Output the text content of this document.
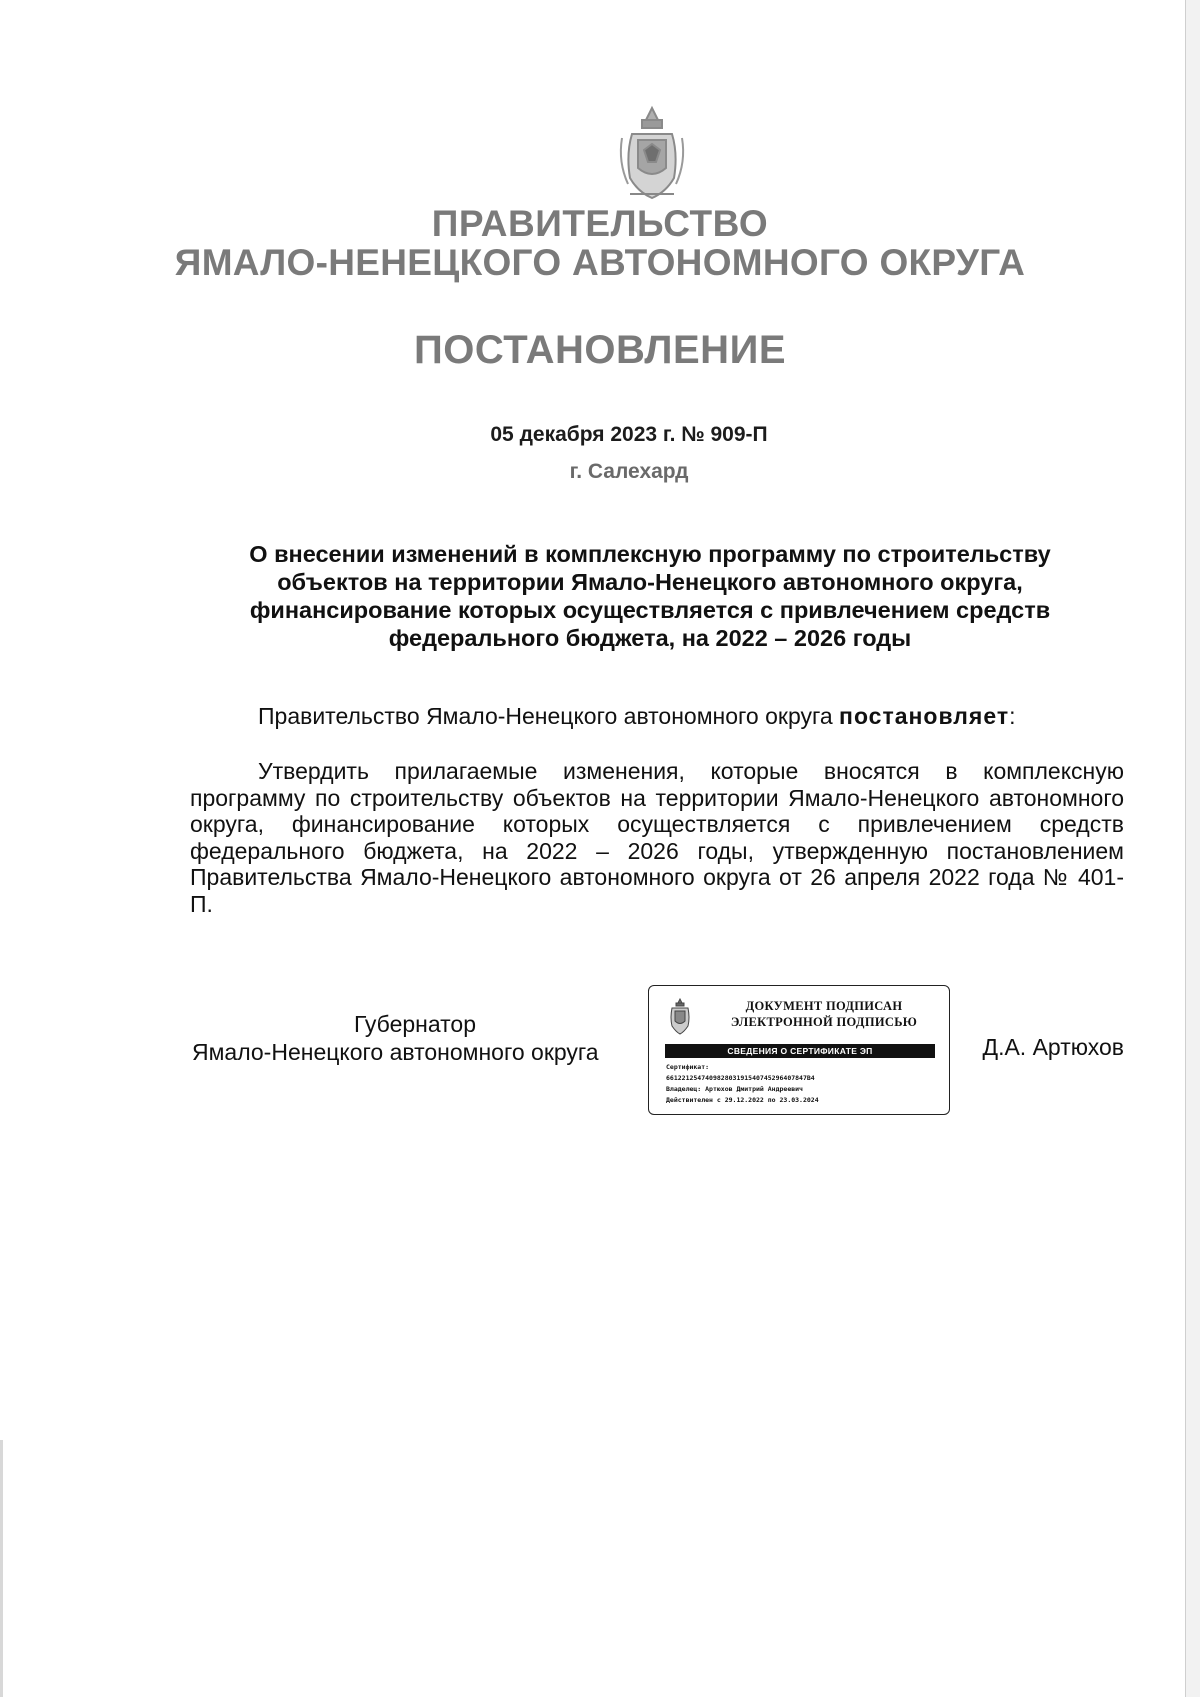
ПРАВИТЕЛЬСТВО
ЯМАЛО-НЕНЕЦКОГО АВТОНОМНОГО ОКРУГА
ПОСТАНОВЛЕНИЕ
05 декабря 2023 г. № 909-П
г. Салехард
О внесении изменений в комплексную программу по строительству
объектов на территории Ямало-Ненецкого автономного округа,
финансирование которых осуществляется с привлечением средств
федерального бюджета, на 2022 – 2026 годы
Правительство Ямало-Ненецкого автономного округа постановляет:
Утвердить прилагаемые изменения, которые вносятся в комплексную программу по строительству объектов на территории Ямало-Ненецкого автономного округа, финансирование которых осуществляется с привлечением средств федерального бюджета, на 2022 – 2026 годы, утвержденную постановлением Правительства Ямало-Ненецкого автономного округа от 26 апреля 2022 года № 401-П.
Губернатор
Ямало-Ненецкого автономного округа	Д.А. Артюхов
ДОКУМЕНТ ПОДПИСАН
ЭЛЕКТРОННОЙ ПОДПИСЬЮ
СВЕДЕНИЯ О СЕРТИФИКАТЕ ЭП
Сертификат:
661221254740982803191540745296407847B4
Владелец: Артюхов Дмитрий Андреевич
Действителен с 29.12.2022 по 23.03.2024
